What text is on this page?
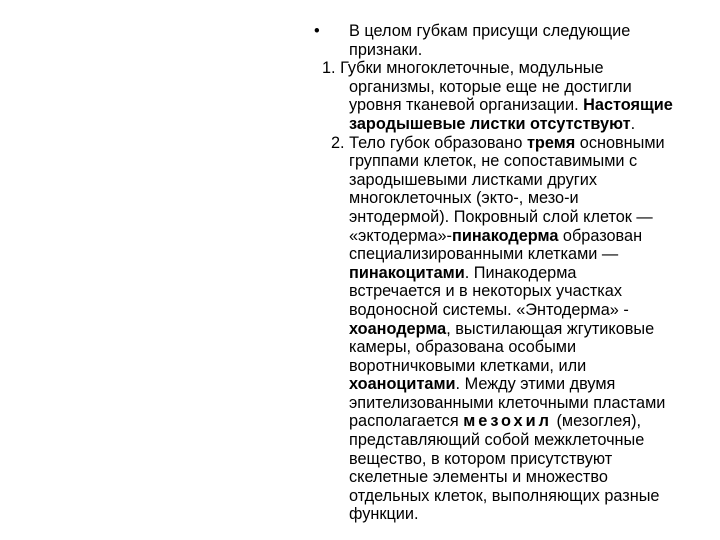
• В целом губкам присущи следующие
признаки.
1. Губки многоклеточные, модульные
организмы, которые еще не достигли
уровня тканевой организации. Настоящие
зародышевые листки отсутствуют.
2. Тело губок образовано тремя основными
группами клеток, не сопоставимыми с
зародышевыми листками других
многоклеточных (экто-, мезо-и
энтодермой). Покровный слой клеток —
«эктодерма»-пинакодерма образован
специализированными клетками —
пинакоцитами. Пинакодерма
встречается и в некоторых участках
водоносной системы. «Энтодерма» -
хоанодерма, выстилающая жгутиковые
камеры, образована особыми
воротничковыми клетками, или
хоаноцитами. Между этими двумя
эпителизованными клеточными пластами
располагается мезохил (мезоглея),
представляющий собой межклеточные
вещество, в котором присутствуют
скелетные элементы и множество
отдельных клеток, выполняющих разные
функции.
